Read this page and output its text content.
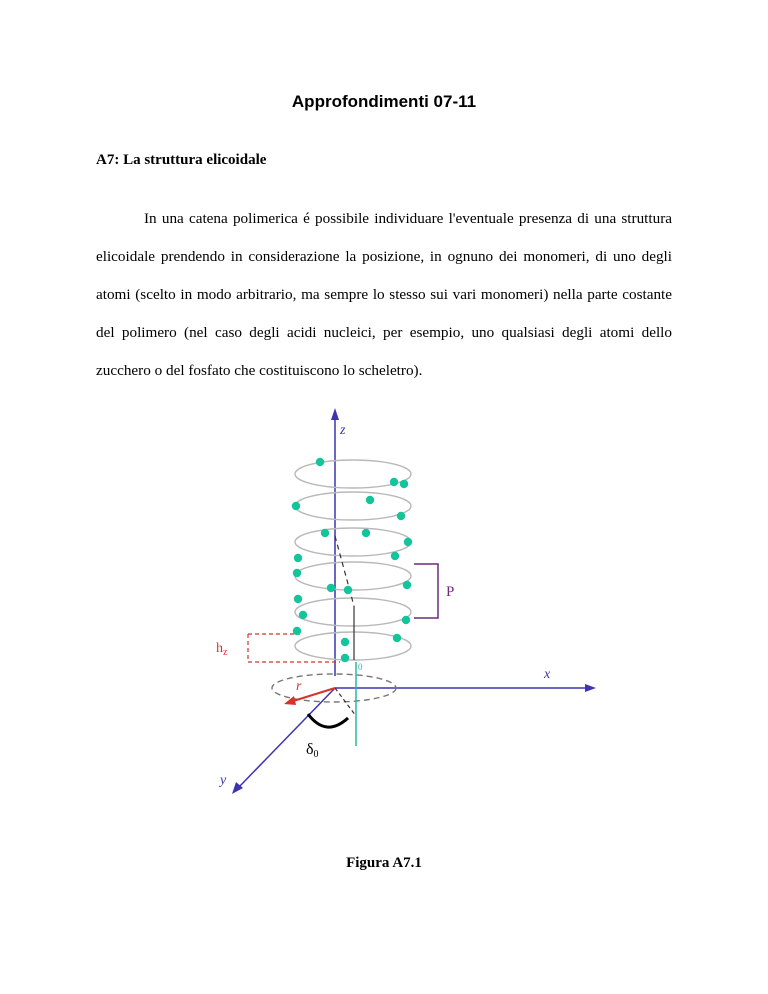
Approfondimenti 07-11
A7: La struttura elicoidale

In una catena polimerica é possibile individuare l'eventuale presenza di una struttura elicoidale prendendo in considerazione la posizione, in ognuno dei monomeri, di uno degli atomi (scelto in modo arbitrario, ma sempre lo stesso sui vari monomeri) nella parte costante del polimero (nel caso degli acidi nucleici, per esempio, uno qualsiasi degli atomi dello zucchero o del fosfato che costituiscono lo scheletro).

z
x
y
r
δ0
0
$h_z$
P
Figura A7.1
